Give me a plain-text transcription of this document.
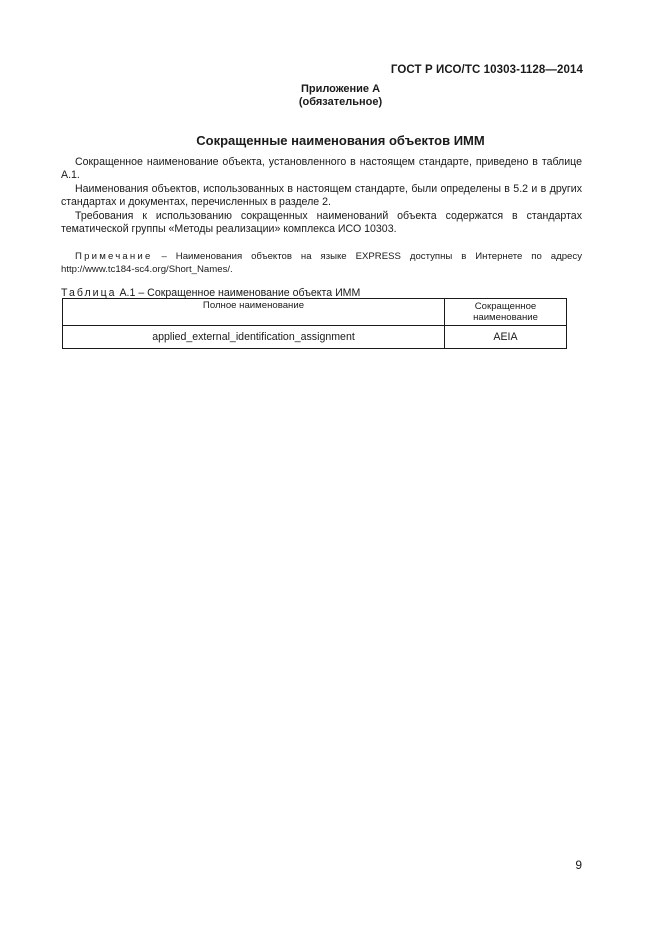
ГОСТ Р ИСО/ТС 10303-1128—2014
Приложение А
(обязательное)
Сокращенные наименования объектов ИММ

Сокращенное наименование объекта, установленного в настоящем стандарте, приведено в таблице А.1.

Наименования объектов, использованных в настоящем стандарте, были определены в 5.2 и в других стандартах и документах, перечисленных в разделе 2.

Требования к использованию сокращенных наименований объекта содержатся в стандартах тематической группы «Методы реализации» комплекса ИСО 10303.

Примечание – Наименования объектов на языке EXPRESS доступны в Интернете по адресу http://www.tc184-sc4.org/Short_Names/.
Таблица А.1 – Сокращенное наименование объекта ИММ
Полное наименование	Сокращенное
наименование

applied_external_identification_assignment	AEIA
9
